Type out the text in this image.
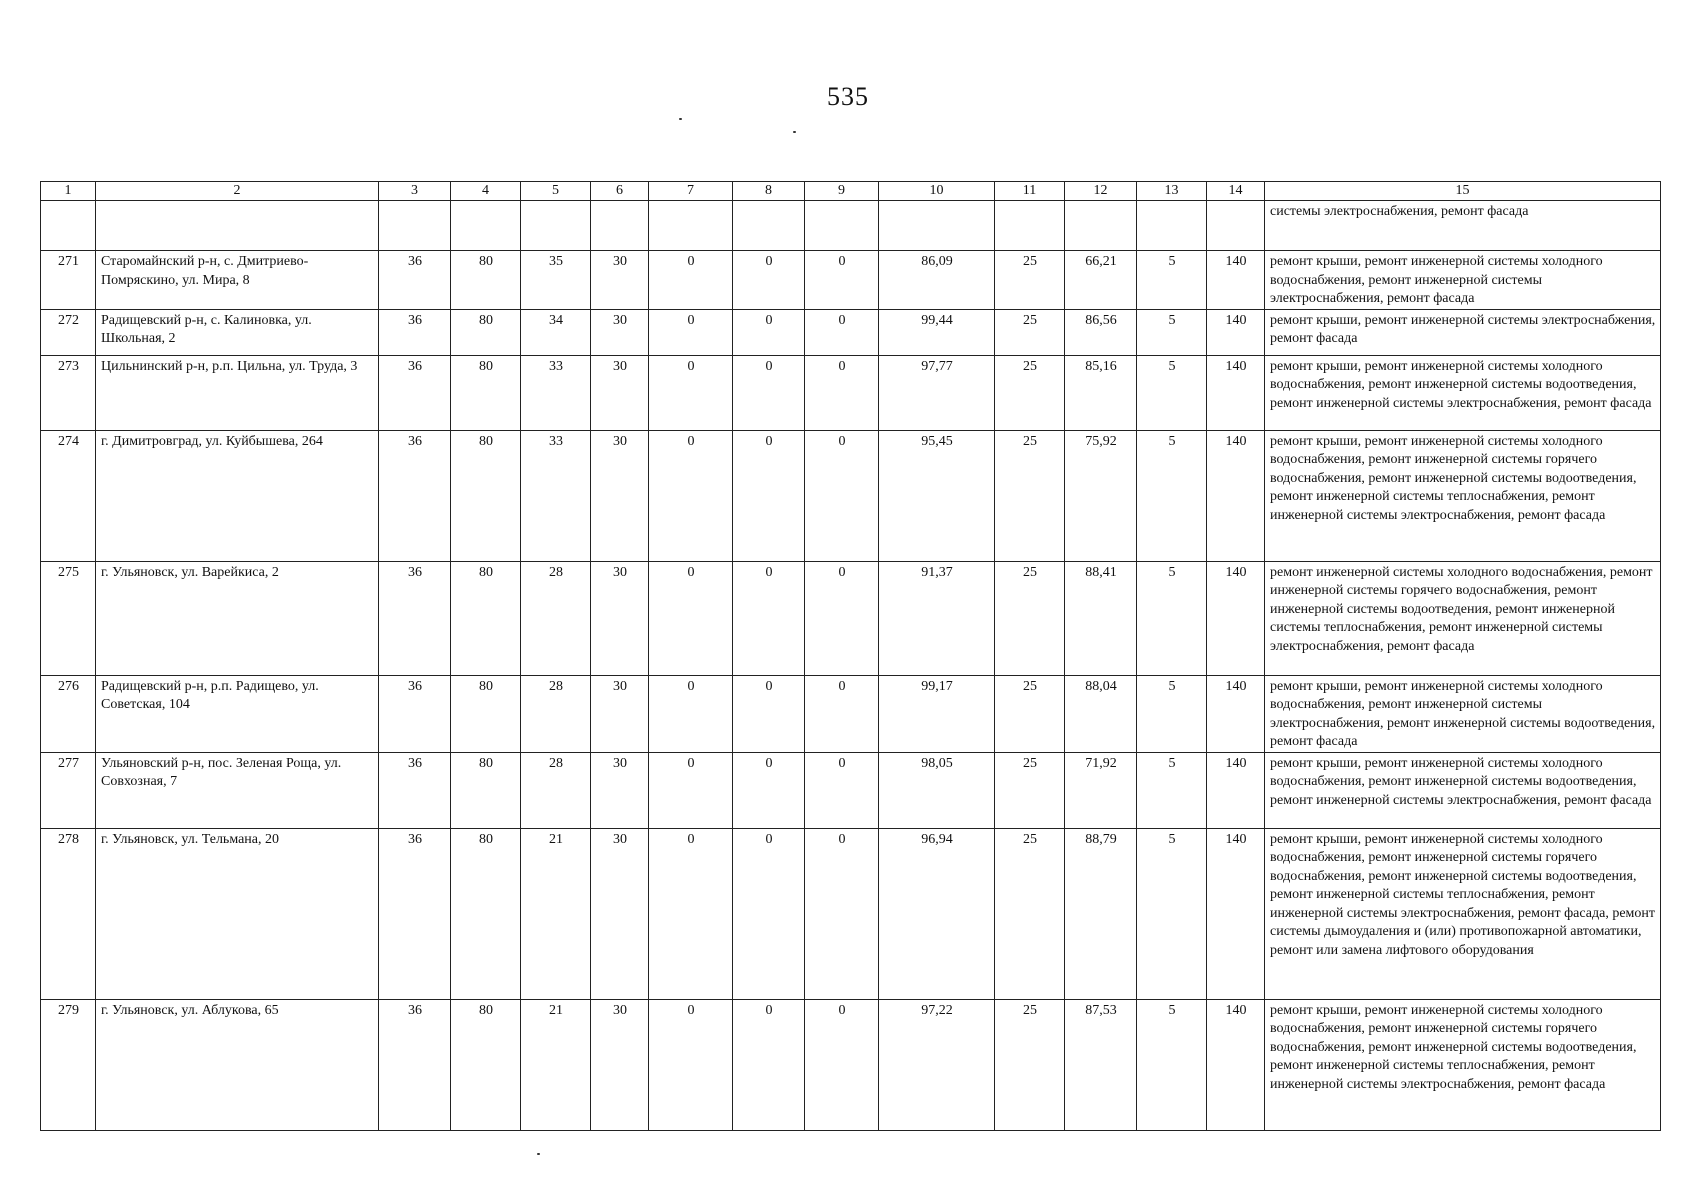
535
1	2	3	4	5	6	7	8	9	10	11	12	13	14	15
														системы электроснабжения, ремонт фасада
271	Старомайнский р-н, с. Дмитриево-Помряскино, ул. Мира, 8	36	80	35	30	0	0	0	86,09	25	66,21	5	140	ремонт крыши, ремонт инженерной системы холодного водоснабжения, ремонт инженерной системы электроснабжения, ремонт фасада
272	Радищевский р-н, с. Калиновка, ул. Школьная, 2	36	80	34	30	0	0	0	99,44	25	86,56	5	140	ремонт крыши, ремонт инженерной системы электроснабжения, ремонт фасада
273	Цильнинский р-н, р.п. Цильна, ул. Труда, 3	36	80	33	30	0	0	0	97,77	25	85,16	5	140	ремонт крыши, ремонт инженерной системы холодного водоснабжения, ремонт инженерной системы водоотведения, ремонт инженерной системы электроснабжения, ремонт фасада
274	г. Димитровград, ул. Куйбышева, 264	36	80	33	30	0	0	0	95,45	25	75,92	5	140	ремонт крыши, ремонт инженерной системы холодного водоснабжения, ремонт инженерной системы горячего водоснабжения, ремонт инженерной системы водоотведения, ремонт инженерной системы теплоснабжения, ремонт инженерной системы электроснабжения, ремонт фасада
275	г. Ульяновск, ул. Варейкиса, 2	36	80	28	30	0	0	0	91,37	25	88,41	5	140	ремонт инженерной системы холодного водоснабжения, ремонт инженерной системы горячего водоснабжения, ремонт инженерной системы водоотведения, ремонт инженерной системы теплоснабжения, ремонт инженерной системы электроснабжения, ремонт фасада
276	Радищевский р-н, р.п. Радищево, ул. Советская, 104	36	80	28	30	0	0	0	99,17	25	88,04	5	140	ремонт крыши, ремонт инженерной системы холодного водоснабжения, ремонт инженерной системы электроснабжения, ремонт инженерной системы водоотведения, ремонт фасада
277	Ульяновский р-н, пос. Зеленая Роща, ул. Совхозная, 7	36	80	28	30	0	0	0	98,05	25	71,92	5	140	ремонт крыши, ремонт инженерной системы холодного водоснабжения, ремонт инженерной системы водоотведения, ремонт инженерной системы электроснабжения, ремонт фасада
278	г. Ульяновск, ул. Тельмана, 20	36	80	21	30	0	0	0	96,94	25	88,79	5	140	ремонт крыши, ремонт инженерной системы холодного водоснабжения, ремонт инженерной системы горячего водоснабжения, ремонт инженерной системы водоотведения, ремонт инженерной системы теплоснабжения, ремонт инженерной системы электроснабжения, ремонт фасада, ремонт системы дымоудаления и (или) противопожарной автоматики, ремонт или замена лифтового оборудования
279	г. Ульяновск, ул. Аблукова, 65	36	80	21	30	0	0	0	97,22	25	87,53	5	140	ремонт крыши, ремонт инженерной системы холодного водоснабжения, ремонт инженерной системы горячего водоснабжения, ремонт инженерной системы водоотведения, ремонт инженерной системы теплоснабжения, ремонт инженерной системы электроснабжения, ремонт фасада
